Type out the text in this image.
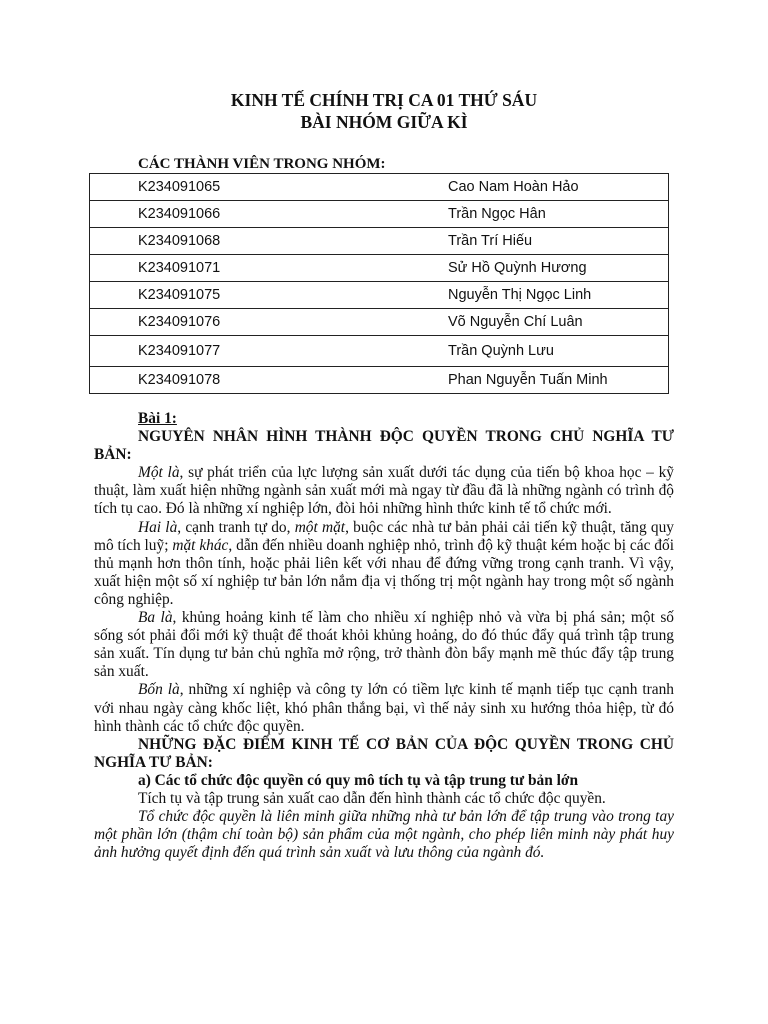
KINH TẾ CHÍNH TRỊ CA 01 THỨ SÁU
BÀI NHÓM GIỮA KÌ

CÁC THÀNH VIÊN TRONG NHÓM:

K234091065	Cao Nam Hoàn Hảo
K234091066	Trần Ngọc Hân
K234091068	Trần Trí Hiếu
K234091071	Sử Hồ Quỳnh Hương
K234091075	Nguyễn Thị Ngọc Linh
K234091076	Võ Nguyễn Chí Luân
K234091077	Trần Quỳnh Lưu
K234091078	Phan Nguyễn Tuấn Minh

Bài 1:

NGUYÊN NHÂN HÌNH THÀNH ĐỘC QUYỀN TRONG CHỦ NGHĨA TƯ BẢN:

Một là, sự phát triển của lực lượng sản xuất dưới tác dụng của tiến bộ khoa học – kỹ thuật, làm xuất hiện những ngành sản xuất mới mà ngay từ đầu đã là những ngành có trình độ tích tụ cao. Đó là những xí nghiệp lớn, đòi hỏi những hình thức kinh tế tổ chức mới.

Hai là, cạnh tranh tự do, một mặt, buộc các nhà tư bản phải cải tiến kỹ thuật, tăng quy mô tích luỹ; mặt khác, dẫn đến nhiều doanh nghiệp nhỏ, trình độ kỹ thuật kém hoặc bị các đối thủ mạnh hơn thôn tính, hoặc phải liên kết với nhau để đứng vững trong cạnh tranh. Vì vậy, xuất hiện một số xí nghiệp tư bản lớn nắm địa vị thống trị một ngành hay trong một số ngành công nghiệp.

Ba là, khủng hoảng kinh tế làm cho nhiều xí nghiệp nhỏ và vừa bị phá sản; một số sống sót phải đổi mới kỹ thuật để thoát khỏi khủng hoảng, do đó thúc đẩy quá trình tập trung sản xuất. Tín dụng tư bản chủ nghĩa mở rộng, trở thành đòn bẩy mạnh mẽ thúc đẩy tập trung sản xuất.

Bốn là, những xí nghiệp và công ty lớn có tiềm lực kinh tế mạnh tiếp tục cạnh tranh với nhau ngày càng khốc liệt, khó phân thắng bại, vì thế nảy sinh xu hướng thỏa hiệp, từ đó hình thành các tổ chức độc quyền.

NHỮNG ĐẶC ĐIỂM KINH TẾ CƠ BẢN CỦA ĐỘC QUYỀN TRONG CHỦ NGHĨA TƯ BẢN:

a) Các tổ chức độc quyền có quy mô tích tụ và tập trung tư bản lớn

Tích tụ và tập trung sản xuất cao dẫn đến hình thành các tổ chức độc quyền.

Tổ chức độc quyền là liên minh giữa những nhà tư bản lớn để tập trung vào trong tay một phần lớn (thậm chí toàn bộ) sản phẩm của một ngành, cho phép liên minh này phát huy ảnh hưởng quyết định đến quá trình sản xuất và lưu thông của ngành đó.
